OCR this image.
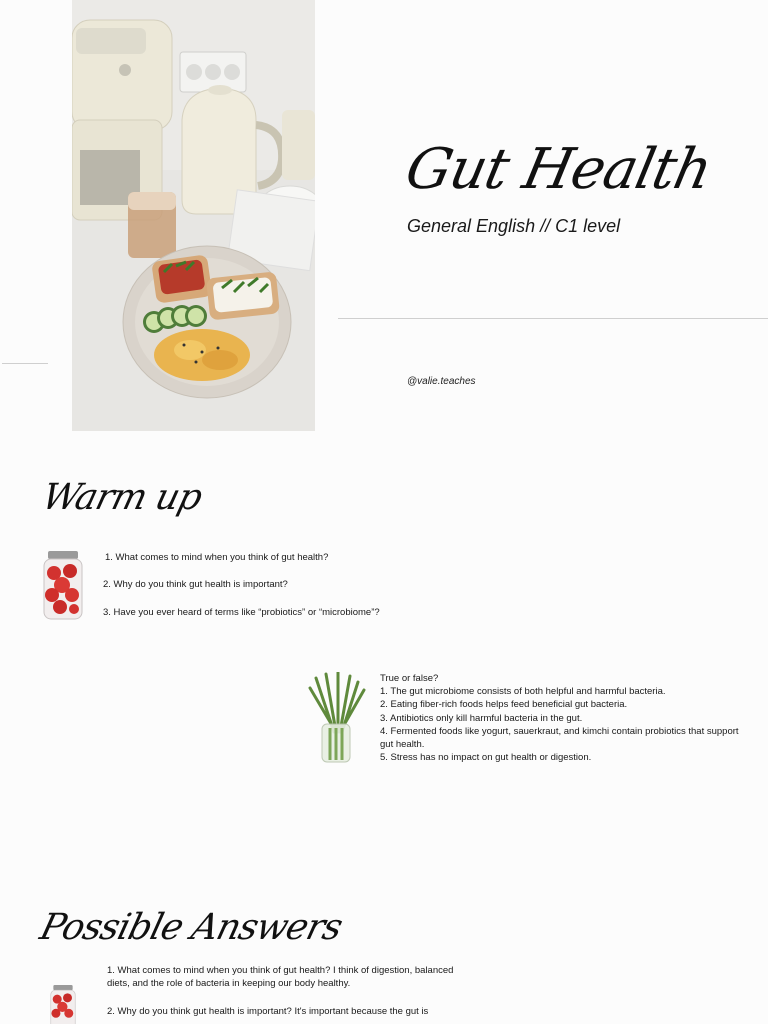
Gut Health
General English // C1 level
@valie.teaches
Warm up
1. What comes to mind when you think of gut health?
2. Why do you think gut health is important?
3. Have you ever heard of terms like “probiotics” or “microbiome”?
True or false?
1. The gut microbiome consists of both helpful and harmful bacteria.
2. Eating fiber-rich foods helps feed beneficial gut bacteria.
3. Antibiotics only kill harmful bacteria in the gut.
4. Fermented foods like yogurt, sauerkraut, and kimchi contain probiotics that support gut health.
5. Stress has no impact on gut health or digestion.
Possible Answers
1. What comes to mind when you think of gut health? I think of digestion, balanced diets, and the role of bacteria in keeping our body healthy.
2. Why do you think gut health is important? It's important because the gut is
